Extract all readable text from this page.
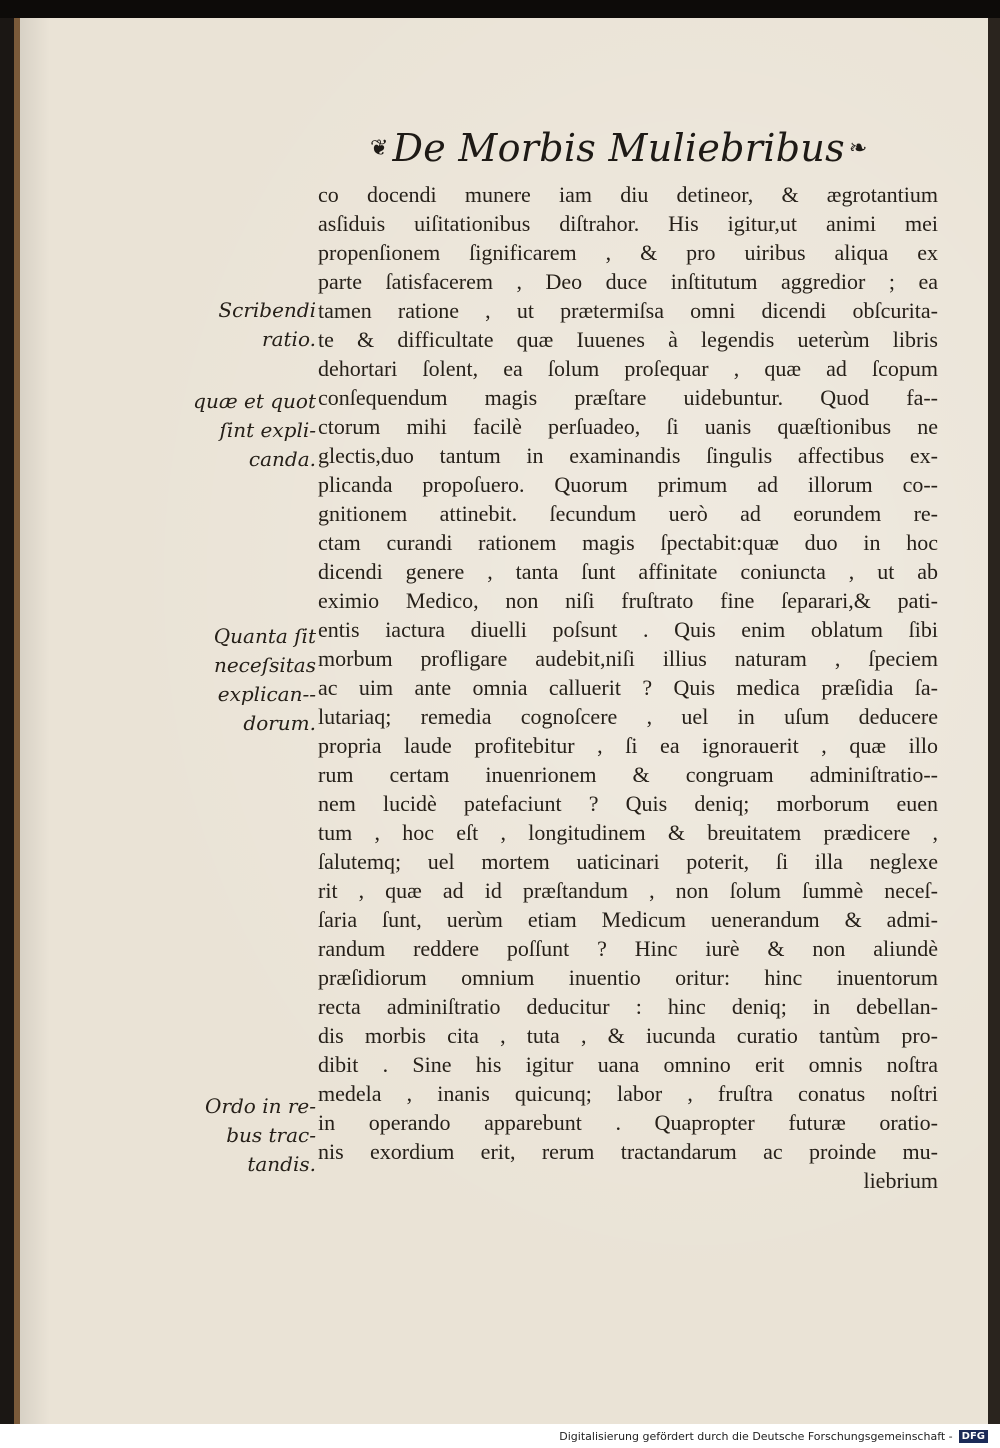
❦ De Morbis Muliebribus ❧
co docendi munere iam diu detineor, & ægrotantium
asſiduis uiſitationibus diſtrahor. His igitur,ut animi mei
propenſionem ſignificarem , & pro uiribus aliqua ex
parte ſatisfacerem , Deo duce inſtitutum aggredior ; ea
tamen ratione , ut prætermiſsa omni dicendi obſcurita-
te & difficultate quæ Iuuenes à legendis ueterùm libris
dehortari ſolent, ea ſolum proſequar , quæ ad ſcopum
conſequendum magis præſtare uidebuntur. Quod fa--
ctorum mihi facilè perſuadeo, ſi uanis quæſtionibus ne
glectis,duo tantum in examinandis ſingulis affectibus ex-
plicanda propoſuero. Quorum primum ad illorum co--
gnitionem attinebit. ſecundum uerò ad eorundem re-
ctam curandi rationem magis ſpectabit:quæ duo in hoc
dicendi genere , tanta ſunt affinitate coniuncta , ut ab
eximio Medico, non niſi fruſtrato fine ſeparari,& pati-
entis iactura diuelli poſsunt . Quis enim oblatum ſibi
morbum profligare audebit,niſi illius naturam , ſpeciem
ac uim ante omnia calluerit ? Quis medica præſidia ſa-
lutariaq; remedia cognoſcere , uel in uſum deducere
propria laude profitebitur , ſi ea ignorauerit , quæ illo
rum certam inuenrionem & congruam adminiſtratio--
nem lucidè patefaciunt ? Quis deniq; morborum euen
tum , hoc eſt , longitudinem & breuitatem prædicere ,
ſalutemq; uel mortem uaticinari poterit, ſi illa neglexe
rit , quæ ad id præſtandum , non ſolum ſummè neceſ-
ſaria ſunt, uerùm etiam Medicum uenerandum & admi-
randum reddere poſſunt ? Hinc iurè & non aliundè
præſidiorum omnium inuentio oritur: hinc inuentorum
recta adminiſtratio deducitur : hinc deniq; in debellan-
dis morbis cita , tuta , & iucunda curatio tantùm pro-
dibit . Sine his igitur uana omnino erit omnis noſtra
medela , inanis quicunq; labor , fruſtra conatus noſtri
in operando apparebunt . Quapropter futuræ oratio-
nis exordium erit, rerum tractandarum ac proinde mu-
liebrium
Scribendi
ratio.
quæ et quot
ſint expli-
canda.
Quanta ſit
neceſsitas
explican--
dorum.
Ordo in re-
bus trac-
tandis.
Digitalisierung gefördert durch die Deutsche Forschungsgemeinschaft - DFG
